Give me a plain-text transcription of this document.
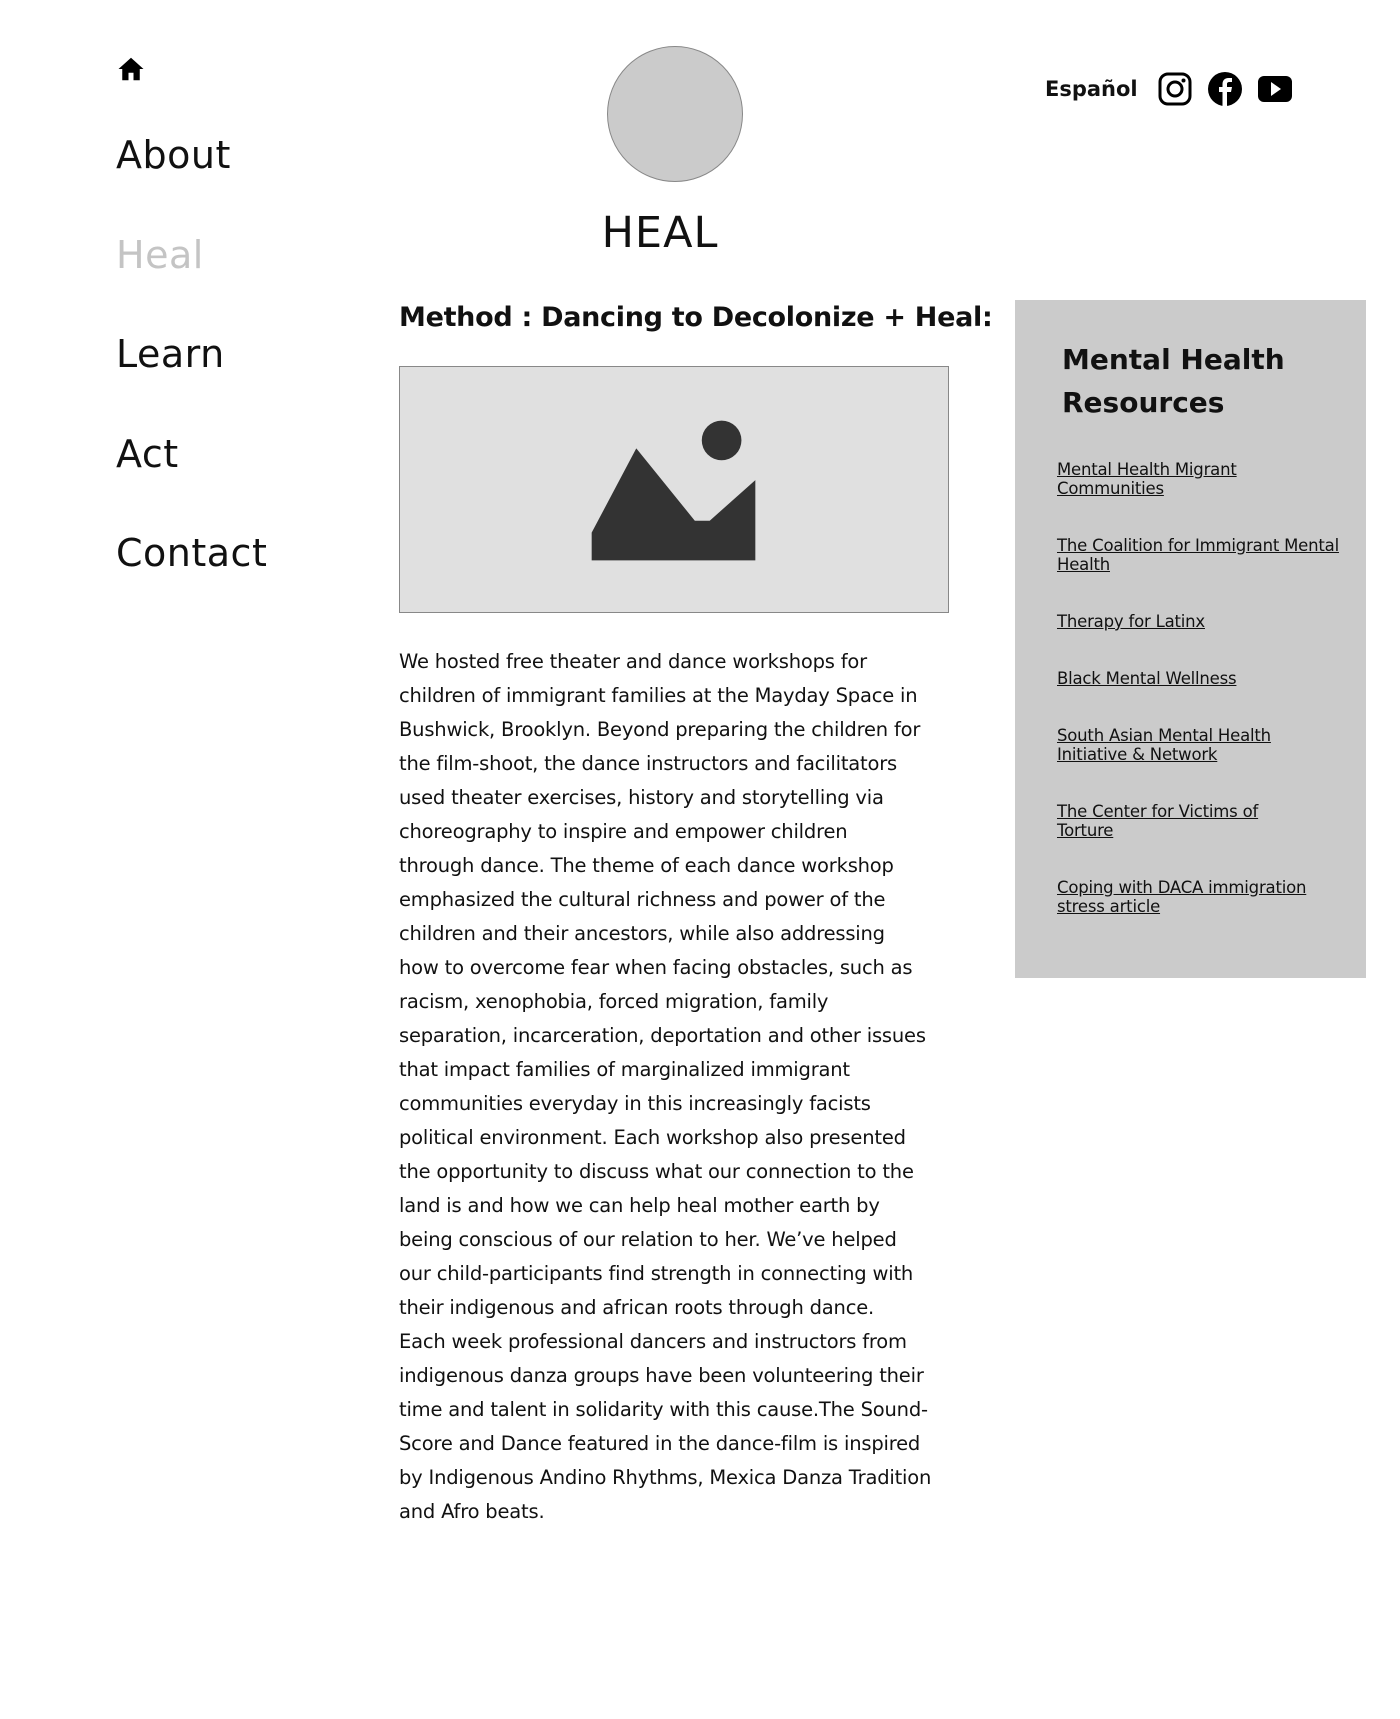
About
Heal
Learn
Act
Contact
HEAL
Español
Method : Dancing to Decolonize + Heal:
We hosted free theater and dance workshops for
children of immigrant families at the Mayday Space in
Bushwick, Brooklyn. Beyond preparing the children for
the film-shoot, the dance instructors and facilitators
used theater exercises, history and storytelling via
choreography to inspire and empower children
through dance. The theme of each dance workshop
emphasized the cultural richness and power of the
children and their ancestors, while also addressing
how to overcome fear when facing obstacles, such as
racism, xenophobia, forced migration, family
separation, incarceration, deportation and other issues
that impact families of marginalized immigrant
communities everyday in this increasingly facists
political environment. Each workshop also presented
the opportunity to discuss what our connection to the
land is and how we can help heal mother earth by
being conscious of our relation to her. We’ve helped
our child-participants find strength in connecting with
their indigenous and african roots through dance.
Each week professional dancers and instructors from
indigenous danza groups have been volunteering their
time and talent in solidarity with this cause.The Sound-
Score and Dance featured in the dance-film is inspired
by Indigenous Andino Rhythms, Mexica Danza Tradition
and Afro beats.
Mental Health
Resources
Mental Health Migrant Communities
The Coalition for Immigrant Mental Health
Therapy for Latinx
Black Mental Wellness
South Asian Mental Health Initiative & Network
The Center for Victims of Torture
Coping with DACA immigration stress article
